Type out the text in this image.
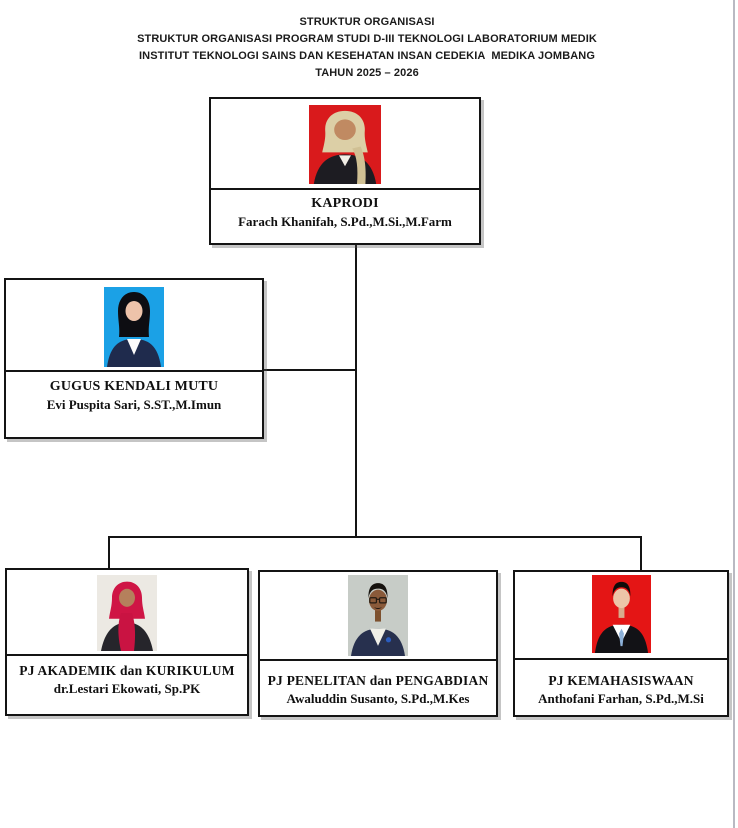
STRUKTUR ORGANISASI
STRUKTUR ORGANISASI PROGRAM STUDI D-III TEKNOLOGI LABORATORIUM MEDIK
INSTITUT TEKNOLOGI SAINS DAN KESEHATAN INSAN CEDEKIA  MEDIKA JOMBANG
TAHUN 2025 – 2026
KAPRODI
Farach Khanifah, S.Pd.,M.Si.,M.Farm
GUGUS KENDALI MUTU
Evi Puspita Sari, S.ST.,M.Imun
PJ AKADEMIK dan KURIKULUM
dr.Lestari Ekowati, Sp.PK
PJ PENELITAN dan PENGABDIAN
Awaluddin Susanto, S.Pd.,M.Kes
PJ KEMAHASISWAAN
Anthofani Farhan, S.Pd.,M.Si
